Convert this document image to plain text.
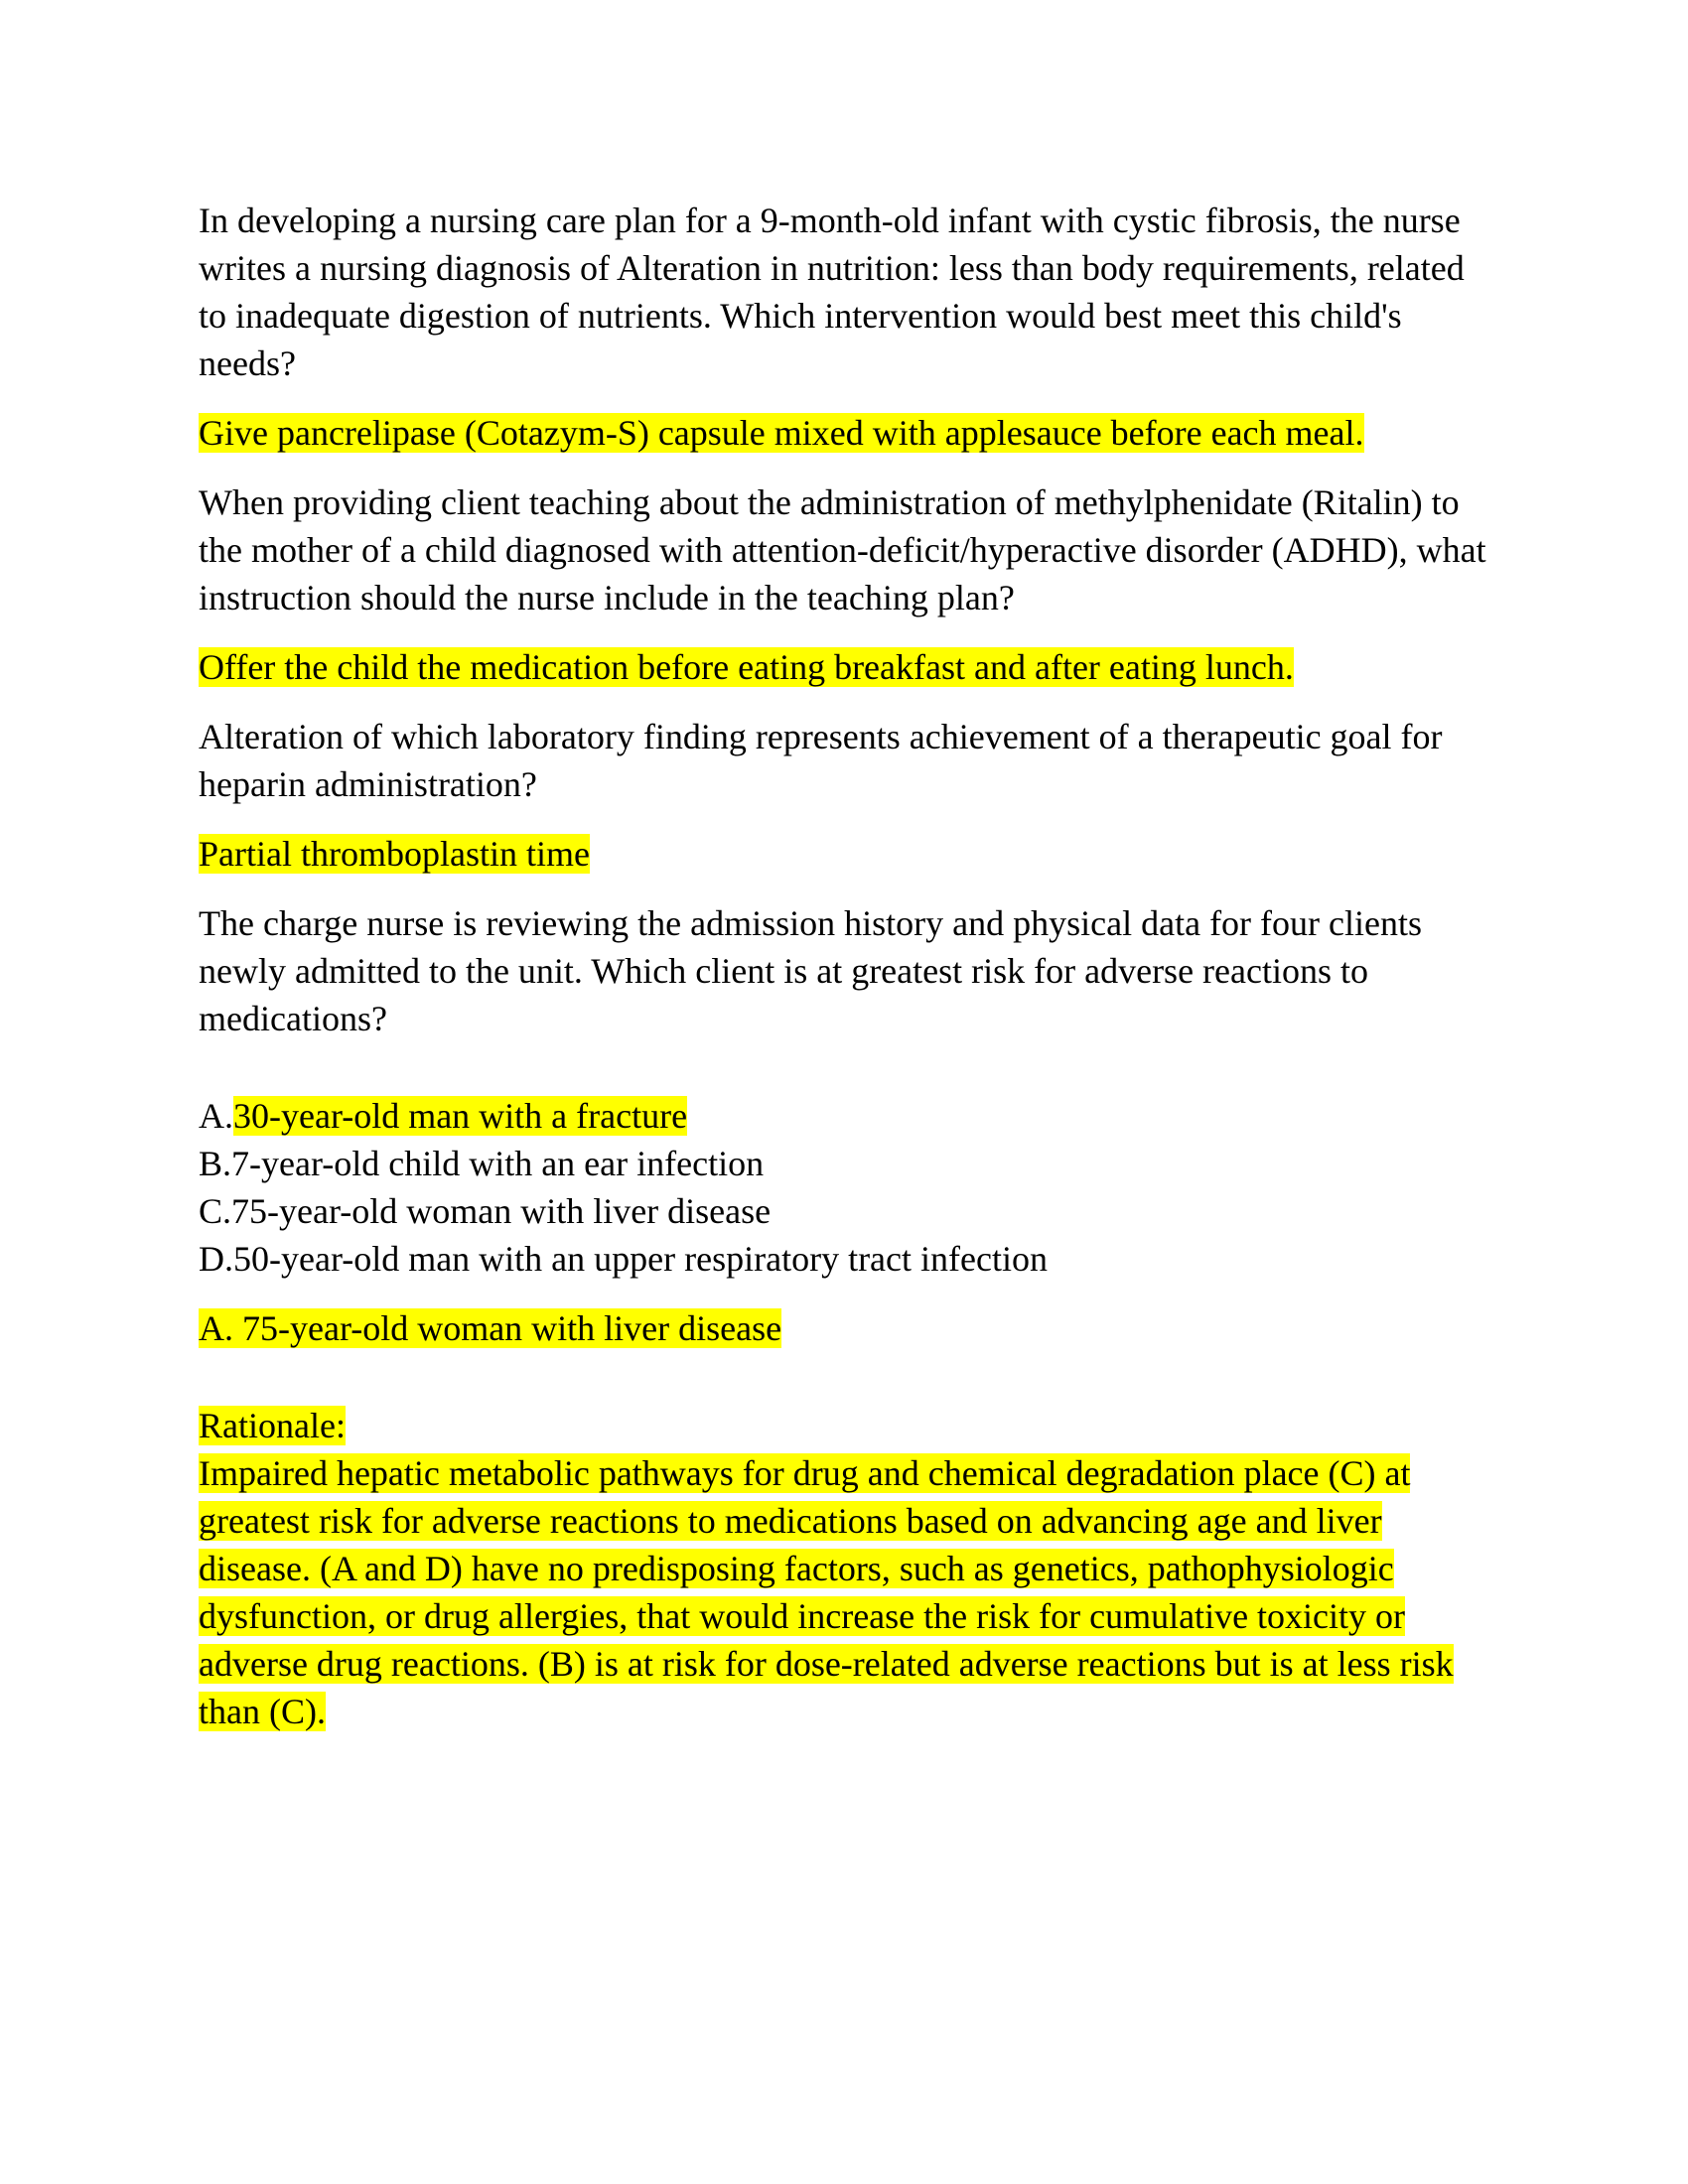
In developing a nursing care plan for a 9-month-old infant with cystic fibrosis, the nurse writes a nursing diagnosis of Alteration in nutrition: less than body requirements, related to inadequate digestion of nutrients. Which intervention would best meet this child's needs?

Give pancrelipase (Cotazym-S) capsule mixed with applesauce before each meal.

When providing client teaching about the administration of methylphenidate (Ritalin) to the mother of a child diagnosed with attention-deficit/hyperactive disorder (ADHD), what instruction should the nurse include in the teaching plan?

Offer the child the medication before eating breakfast and after eating lunch.

Alteration of which laboratory finding represents achievement of a therapeutic goal for heparin administration?

Partial thromboplastin time

The charge nurse is reviewing the admission history and physical data for four clients newly admitted to the unit. Which client is at greatest risk for adverse reactions to medications?

A.30-year-old man with a fracture

B.7-year-old child with an ear infection

C.75-year-old woman with liver disease

D.50-year-old man with an upper respiratory tract infection

A. 75-year-old woman with liver disease

Rationale:

Impaired hepatic metabolic pathways for drug and chemical degradation place (C) at greatest risk for adverse reactions to medications based on advancing age and liver disease. (A and D) have no predisposing factors, such as genetics, pathophysiologic dysfunction, or drug allergies, that would increase the risk for cumulative toxicity or adverse drug reactions. (B) is at risk for dose-related adverse reactions but is at less risk than (C).
